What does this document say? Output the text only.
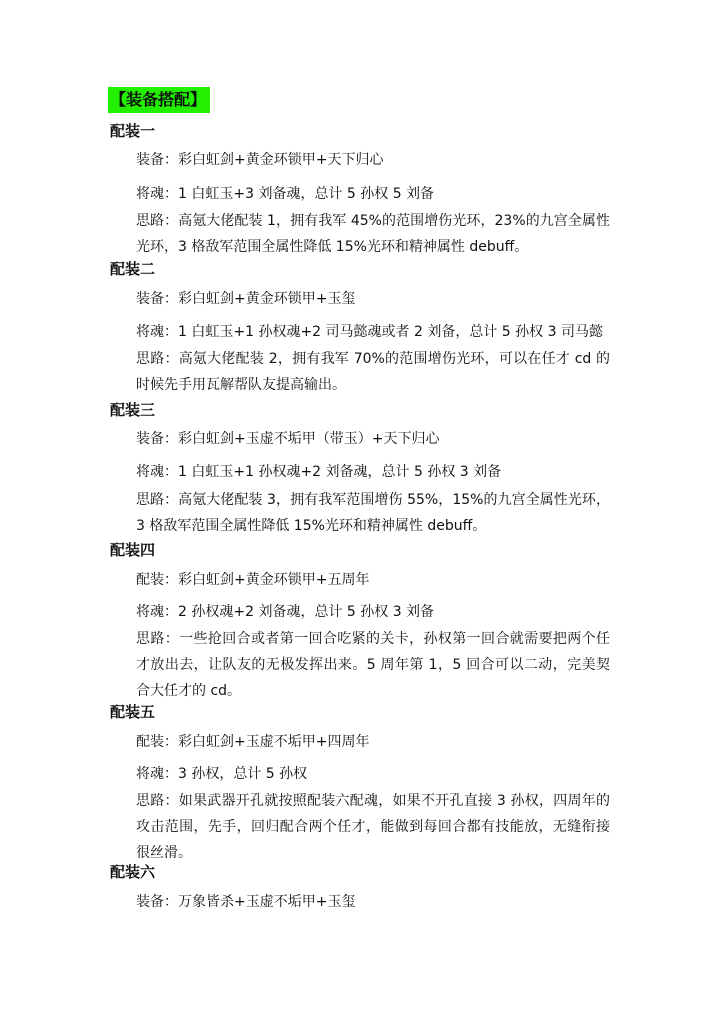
【装备搭配】
配装一
装备：彩白虹剑+黄金环锁甲+天下归心
将魂：1 白虹玉+3 刘备魂，总计 5 孙权 5 刘备
思路：高氪大佬配装 1，拥有我军 45%的范围增伤光环，23%的九宫全属性光环，3 格敌军范围全属性降低 15%光环和精神属性 debuff。
配装二
装备：彩白虹剑+黄金环锁甲+玉玺
将魂：1 白虹玉+1 孙权魂+2 司马懿魂或者 2 刘备，总计 5 孙权 3 司马懿
思路：高氪大佬配装 2，拥有我军 70%的范围增伤光环，可以在任才 cd 的时候先手用瓦解帮队友提高输出。
配装三
装备：彩白虹剑+玉虚不垢甲（带玉）+天下归心
将魂：1 白虹玉+1 孙权魂+2 刘备魂，总计 5 孙权 3 刘备
思路：高氪大佬配装 3，拥有我军范围增伤 55%，15%的九宫全属性光环，3 格敌军范围全属性降低 15%光环和精神属性 debuff。
配装四
配装：彩白虹剑+黄金环锁甲+五周年
将魂：2 孙权魂+2 刘备魂，总计 5 孙权 3 刘备
思路：一些抢回合或者第一回合吃紧的关卡，孙权第一回合就需要把两个任才放出去，让队友的无极发挥出来。5 周年第 1，5 回合可以二动，完美契合大任才的 cd。
配装五
配装：彩白虹剑+玉虚不垢甲+四周年
将魂：3 孙权，总计 5 孙权
思路：如果武器开孔就按照配装六配魂，如果不开孔直接 3 孙权，四周年的攻击范围，先手，回归配合两个任才，能做到每回合都有技能放，无缝衔接很丝滑。
配装六
装备：万象皆杀+玉虚不垢甲+玉玺
